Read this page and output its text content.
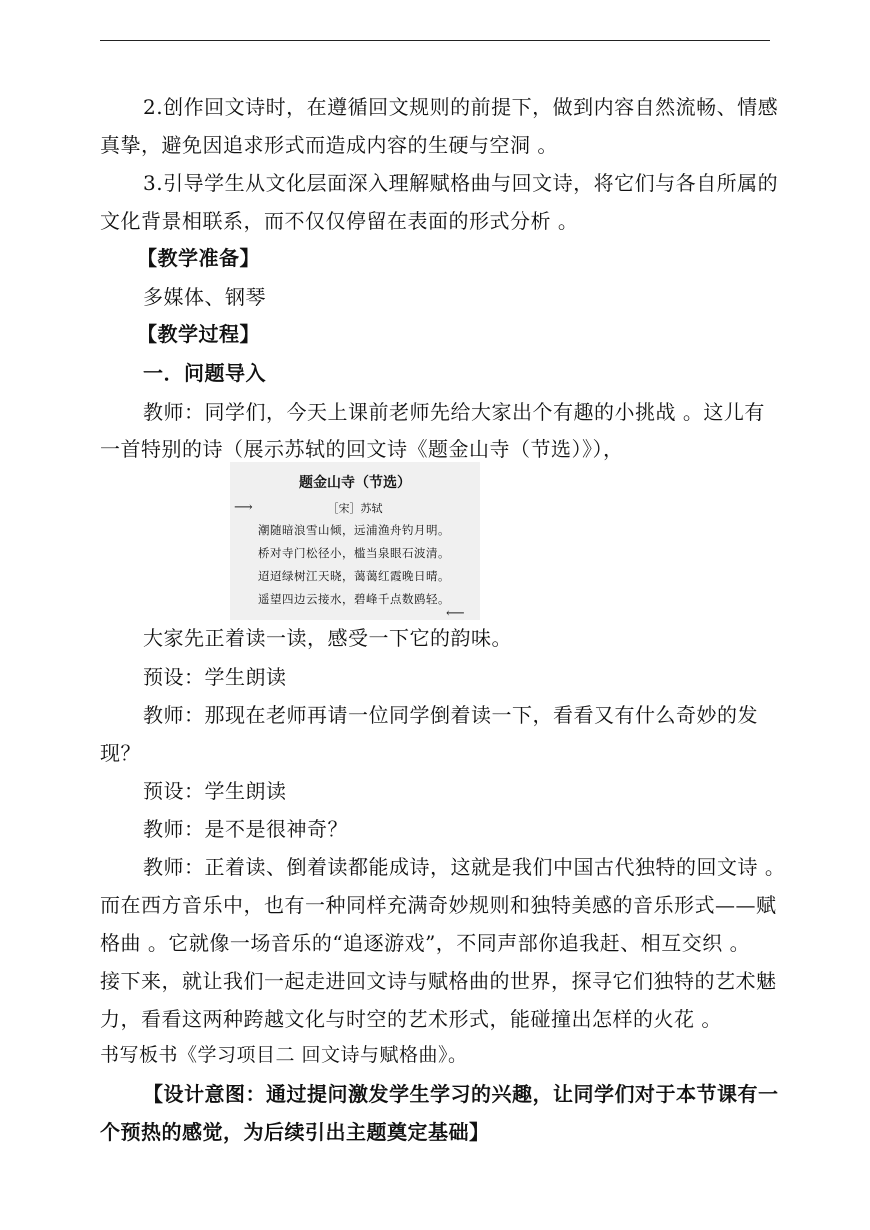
2.创作回文诗时，在遵循回文规则的前提下，做到内容自然流畅、情感
真挚，避免因追求形式而造成内容的生硬与空洞 。
3.引导学生从文化层面深入理解赋格曲与回文诗，将它们与各自所属的
文化背景相联系，而不仅仅停留在表面的形式分析 。
【教学准备】
多媒体、钢琴
【教学过程】
一．问题导入
教师：同学们，今天上课前老师先给大家出个有趣的小挑战 。这儿有
一首特别的诗（展示苏轼的回文诗《题金山寺（节选）》），
题金山寺（节选）
⟶	［宋］苏轼
潮随暗浪雪山倾，远浦渔舟钓月明。
桥对寺门松径小，槛当泉眼石波清。
迢迢绿树江天晓，蔼蔼红霞晚日晴。
遥望四边云接水，碧峰千点数鸥轻。
⟵
大家先正着读一读，感受一下它的韵味。
预设：学生朗读
教师：那现在老师再请一位同学倒着读一下，看看又有什么奇妙的发
现？
预设：学生朗读
教师：是不是很神奇？
教师：正着读、倒着读都能成诗，这就是我们中国古代独特的回文诗 。
而在西方音乐中，也有一种同样充满奇妙规则和独特美感的音乐形式——赋
格曲 。它就像一场音乐的“追逐游戏”，不同声部你追我赶、相互交织 。
接下来，就让我们一起走进回文诗与赋格曲的世界，探寻它们独特的艺术魅
力，看看这两种跨越文化与时空的艺术形式，能碰撞出怎样的火花 。
书写板书《学习项目二 回文诗与赋格曲》。
【设计意图：通过提问激发学生学习的兴趣，让同学们对于本节课有一
个预热的感觉，为后续引出主题奠定基础】
